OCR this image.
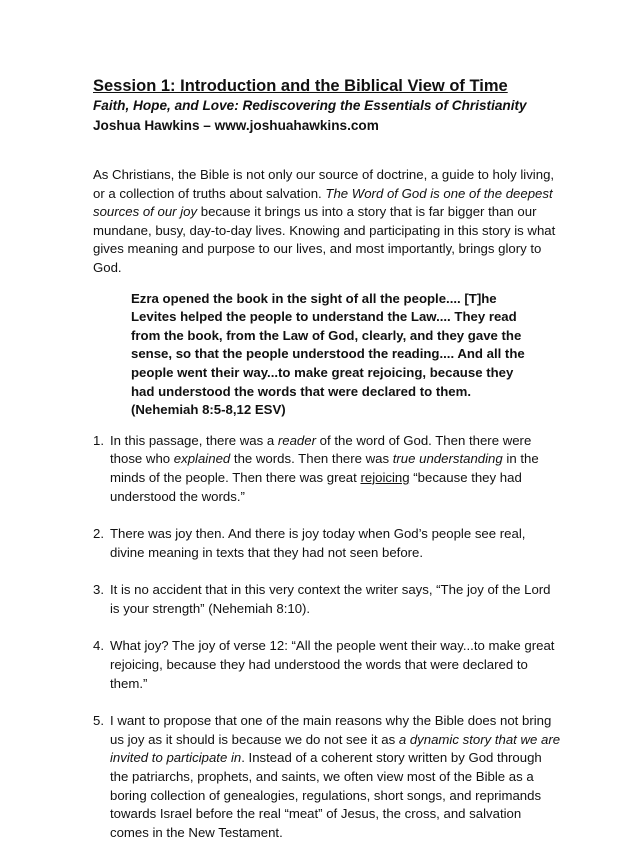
Session 1: Introduction and the Biblical View of Time
Faith, Hope, and Love: Rediscovering the Essentials of Christianity
Joshua Hawkins – www.joshuahawkins.com

As Christians, the Bible is not only our source of doctrine, a guide to holy living, or a collection of truths about salvation. The Word of God is one of the deepest sources of our joy because it brings us into a story that is far bigger than our mundane, busy, day-to-day lives. Knowing and participating in this story is what gives meaning and purpose to our lives, and most importantly, brings glory to God.

Ezra opened the book in the sight of all the people.... [T]he Levites helped the people to understand the Law.... They read from the book, from the Law of God, clearly, and they gave the sense, so that the people understood the reading.... And all the people went their way...to make great rejoicing, because they had understood the words that were declared to them.
(Nehemiah 8:5-8,12 ESV)
1. In this passage, there was a reader of the word of God. Then there were those who explained the words. Then there was true understanding in the minds of the people. Then there was great rejoicing “because they had understood the words.”
2. There was joy then. And there is joy today when God’s people see real, divine meaning in texts that they had not seen before.
3. It is no accident that in this very context the writer says, “The joy of the Lord is your strength” (Nehemiah 8:10).
4. What joy? The joy of verse 12: “All the people went their way...to make great rejoicing, because they had understood the words that were declared to them.”
5. I want to propose that one of the main reasons why the Bible does not bring us joy as it should is because we do not see it as a dynamic story that we are invited to participate in. Instead of a coherent story written by God through the patriarchs, prophets, and saints, we often view most of the Bible as a boring collection of genealogies, regulations, short songs, and reprimands towards Israel before the real “meat” of Jesus, the cross, and salvation comes in the New Testament.
